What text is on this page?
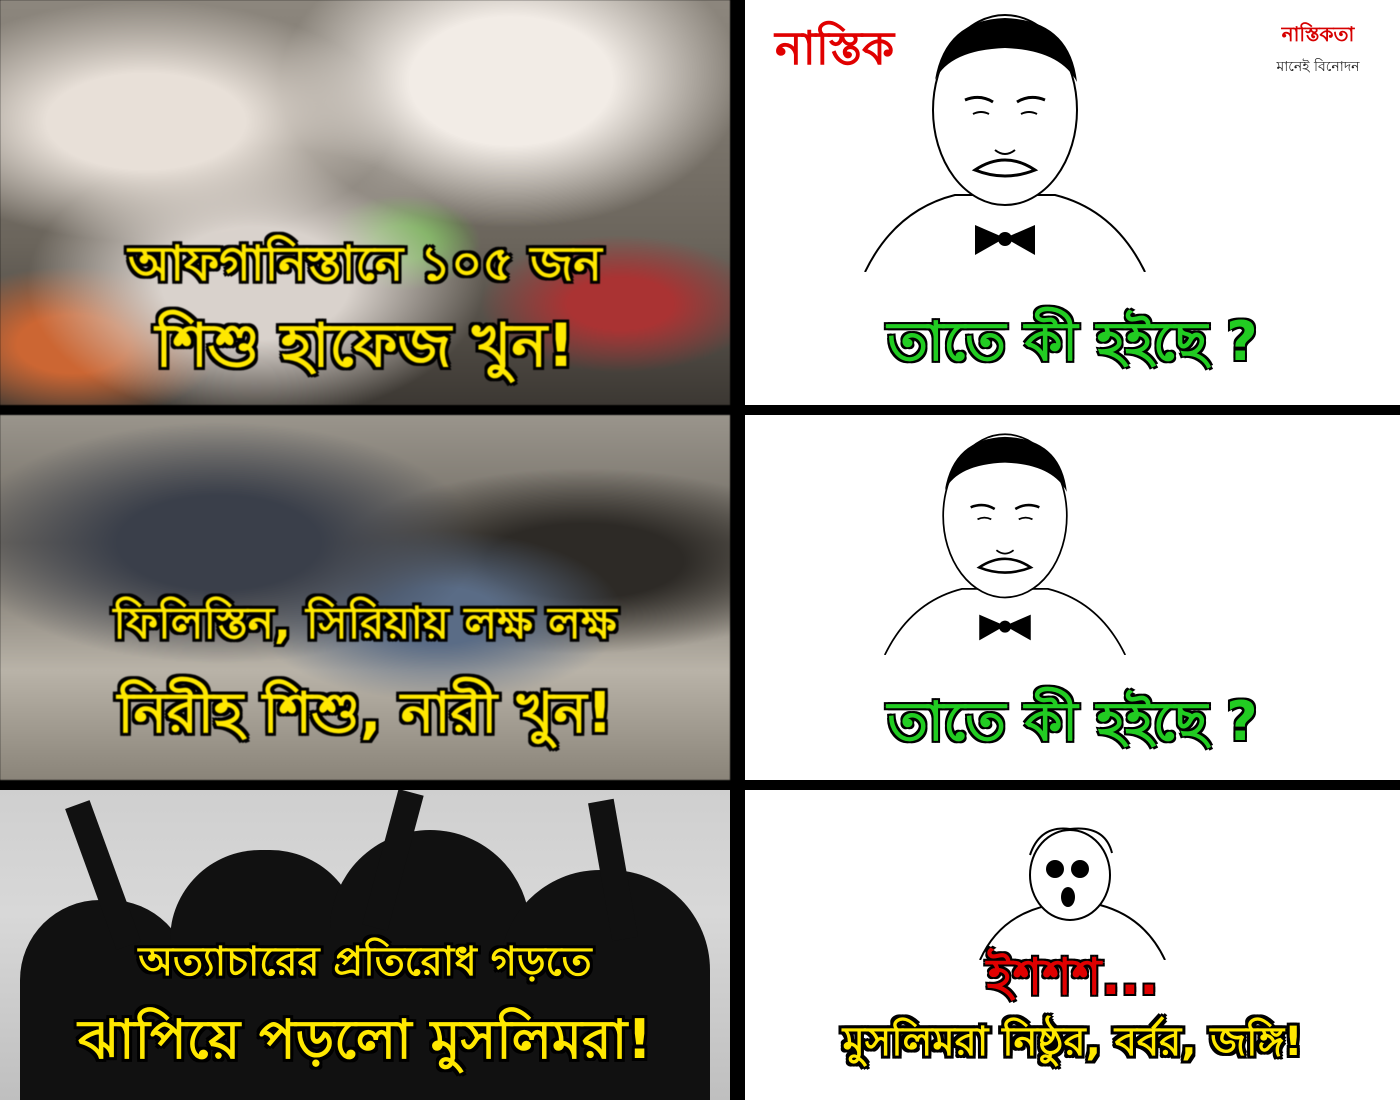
আফগানিস্তানে ১০৫ জন
শিশু হাফেজ খুন!
ফিলিস্তিন, সিরিয়ায় লক্ষ লক্ষ
নিরীহ শিশু, নারী খুন!
অত্যাচারের প্রতিরোধ গড়তে
ঝাপিয়ে পড়লো মুসলিমরা!
নাস্তিক	নাস্তিকতা
মানেই বিনোদন
তাতে কী হইছে ?
তাতে কী হইছে ?
ইশশশ...
মুসলিমরা নিষ্ঠুর, বর্বর, জঙ্গি!
